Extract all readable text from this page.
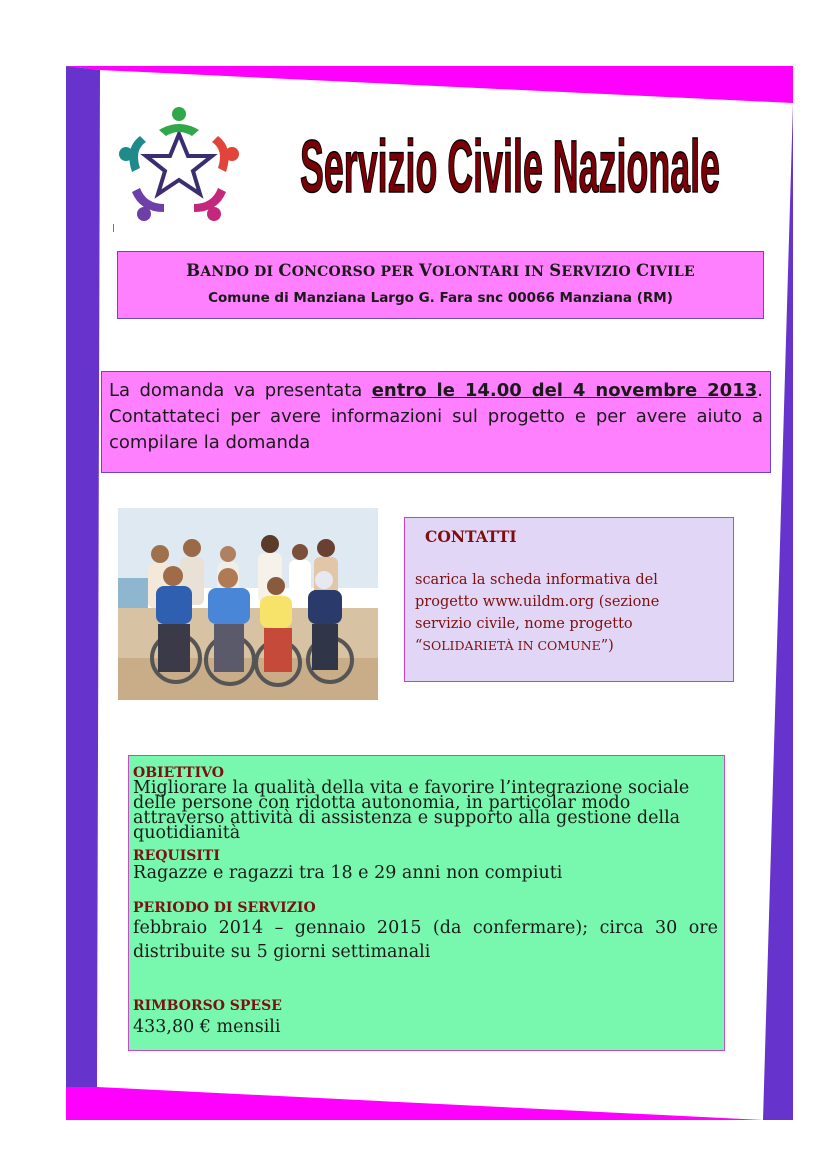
Servizio Civile Nazionale
BANDO DI CONCORSO PER VOLONTARI IN SERVIZIO CIVILE
Comune di Manziana Largo G. Fara snc 00066 Manziana (RM)
La domanda va presentata entro le 14.00 del 4 novembre 2013. Contattateci per avere informazioni sul progetto e per avere aiuto a compilare la domanda
CONTATTI
scarica la scheda informativa del progetto www.uildm.org (sezione servizio civile, nome progetto “SOLIDARIETÀ IN COMUNE”)
OBIETTIVO
Migliorare la qualità della vita e favorire l’integrazione sociale delle persone con ridotta autonomia, in particolar modo attraverso attività di assistenza e supporto alla gestione della quotidianità
REQUISITI
Ragazze e ragazzi tra 18 e 29 anni non compiuti
PERIODO DI SERVIZIO
febbraio 2014 – gennaio 2015 (da confermare); circa 30 ore distribuite su 5 giorni settimanali
RIMBORSO SPESE
433,80 € mensili
